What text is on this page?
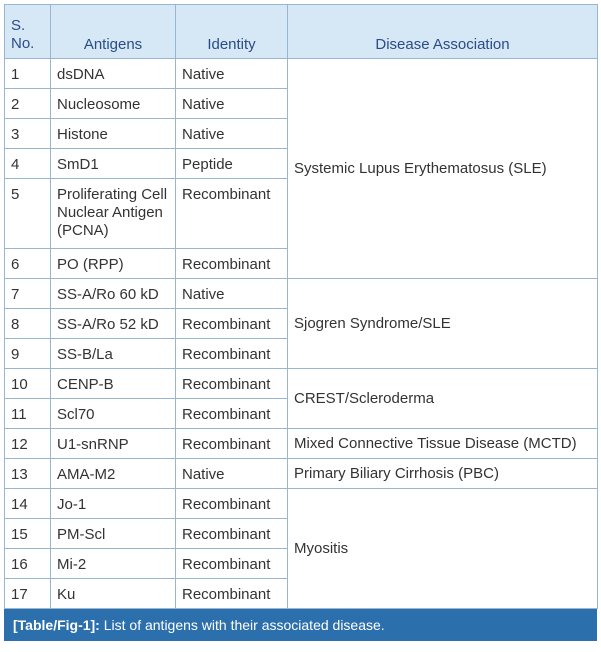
S. No.	Antigens	Identity	Disease Association
1	dsDNA	Native	Systemic Lupus Erythematosus (SLE)
2	Nucleosome	Native	
3	Histone	Native	
4	SmD1	Peptide	
5	Proliferating Cell Nuclear Antigen (PCNA)	Recombinant	
6	PO (RPP)	Recombinant	
7	SS-A/Ro 60 kD	Native	Sjogren Syndrome/SLE
8	SS-A/Ro 52 kD	Recombinant	
9	SS-B/La	Recombinant	
10	CENP-B	Recombinant	CREST/Scleroderma
11	Scl70	Recombinant	
12	U1-snRNP	Recombinant	Mixed Connective Tissue Disease (MCTD)
13	AMA-M2	Native	Primary Biliary Cirrhosis (PBC)
14	Jo-1	Recombinant	Myositis
15	PM-Scl	Recombinant	
16	Mi-2	Recombinant	
17	Ku	Recombinant	
[Table/Fig-1]: List of antigens with their associated disease.
